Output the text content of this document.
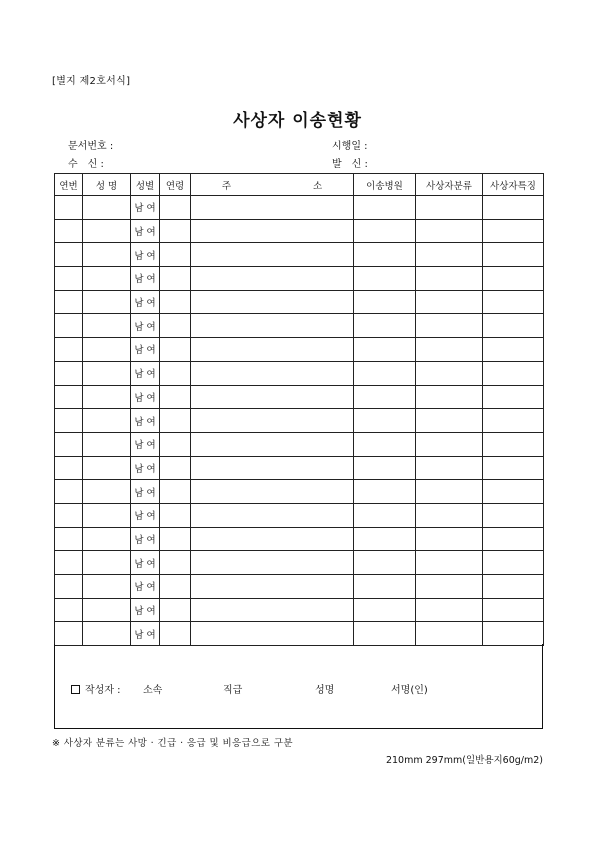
[별지 제2호서식]
사상자 이송현황
문서번호 :
수　신 :
시행일 :
발　신 :
연번	성 명	성별	연령	주 소	이송병원	사상자분류	사상자특징
		남 여					
		남 여					
		남 여					
		남 여					
		남 여					
		남 여					
		남 여					
		남 여					
		남 여					
		남 여					
		남 여					
		남 여					
		남 여					
		남 여					
		남 여					
		남 여					
		남 여					
		남 여					
		남 여					
작성자 : 소속	직급	성명	서명(인)
※ 사상자 분류는 사망 · 긴급 · 응급 및 비응급으로 구분
210mm 297mm(일반용지60g/m2)
